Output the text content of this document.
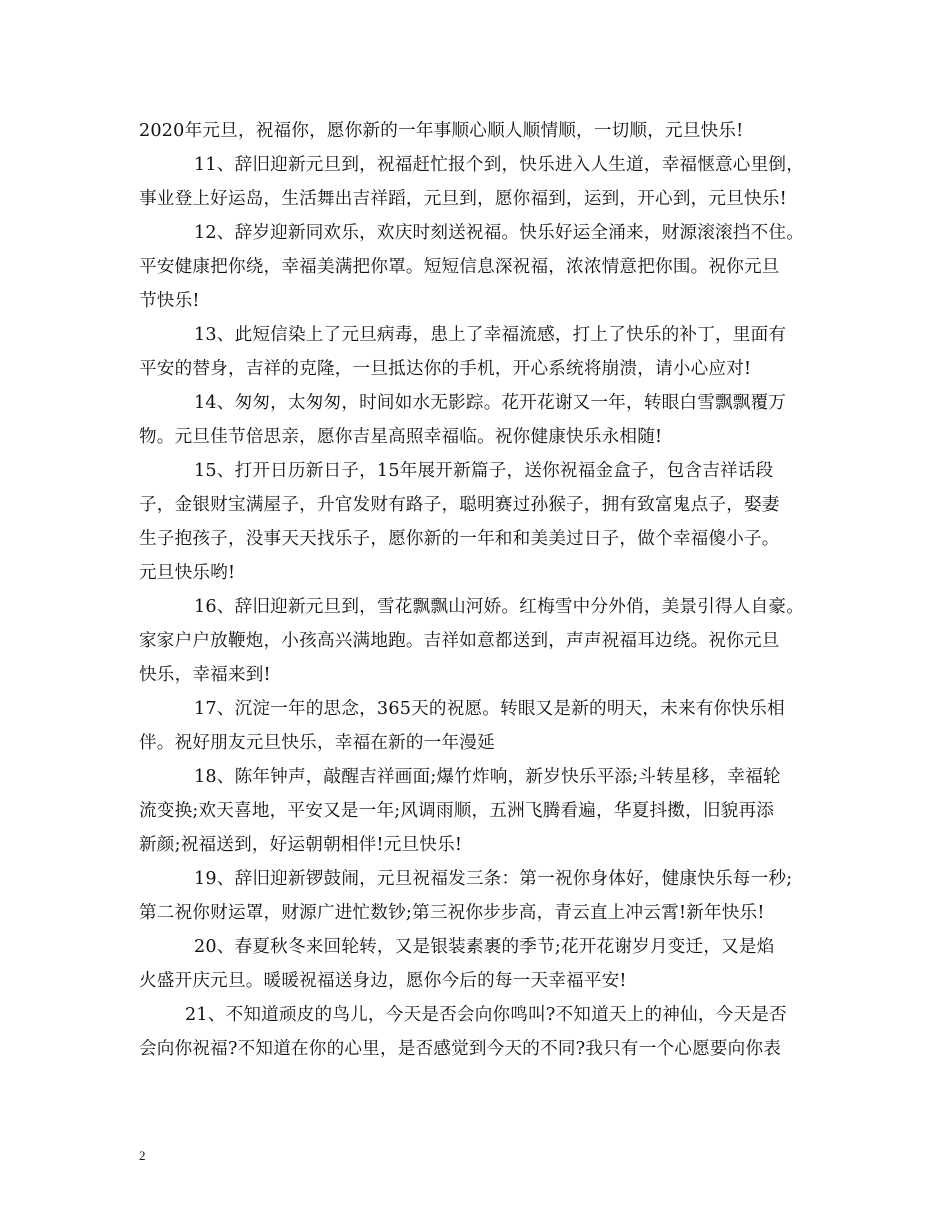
2020年元旦，祝福你，愿你新的一年事顺心顺人顺情顺，一切顺，元旦快乐!
11、辞旧迎新元旦到，祝福赶忙报个到，快乐进入人生道，幸福惬意心里倒，
事业登上好运岛，生活舞出吉祥蹈，元旦到，愿你福到，运到，开心到，元旦快乐!
12、辞岁迎新同欢乐，欢庆时刻送祝福。快乐好运全涌来，财源滚滚挡不住。
平安健康把你绕，幸福美满把你罩。短短信息深祝福，浓浓情意把你围。祝你元旦
节快乐!
13、此短信染上了元旦病毒，患上了幸福流感，打上了快乐的补丁，里面有
平安的替身，吉祥的克隆，一旦抵达你的手机，开心系统将崩溃，请小心应对!
14、匆匆，太匆匆，时间如水无影踪。花开花谢又一年，转眼白雪飘飘覆万
物。元旦佳节倍思亲，愿你吉星高照幸福临。祝你健康快乐永相随!
15、打开日历新日子，15年展开新篇子，送你祝福金盒子，包含吉祥话段
子，金银财宝满屋子，升官发财有路子，聪明赛过孙猴子，拥有致富鬼点子，娶妻
生子抱孩子，没事天天找乐子，愿你新的一年和和美美过日子，做个幸福傻小子。
元旦快乐哟!
16、辞旧迎新元旦到，雪花飘飘山河娇。红梅雪中分外俏，美景引得人自豪。
家家户户放鞭炮，小孩高兴满地跑。吉祥如意都送到，声声祝福耳边绕。祝你元旦
快乐，幸福来到!
17、沉淀一年的思念，365天的祝愿。转眼又是新的明天，未来有你快乐相
伴。祝好朋友元旦快乐，幸福在新的一年漫延
18、陈年钟声，敲醒吉祥画面;爆竹炸响，新岁快乐平添;斗转星移，幸福轮
流变换;欢天喜地，平安又是一年;风调雨顺，五洲飞腾看遍，华夏抖擞，旧貌再添
新颜;祝福送到，好运朝朝相伴!元旦快乐!
19、辞旧迎新锣鼓闹，元旦祝福发三条：第一祝你身体好，健康快乐每一秒;
第二祝你财运罩，财源广进忙数钞;第三祝你步步高，青云直上冲云霄!新年快乐!
20、春夏秋冬来回轮转，又是银装素裹的季节;花开花谢岁月变迁，又是焰
火盛开庆元旦。暖暖祝福送身边，愿你今后的每一天幸福平安!
21、不知道顽皮的鸟儿，今天是否会向你鸣叫?不知道天上的神仙，今天是否
会向你祝福?不知道在你的心里，是否感觉到今天的不同?我只有一个心愿要向你表
2
